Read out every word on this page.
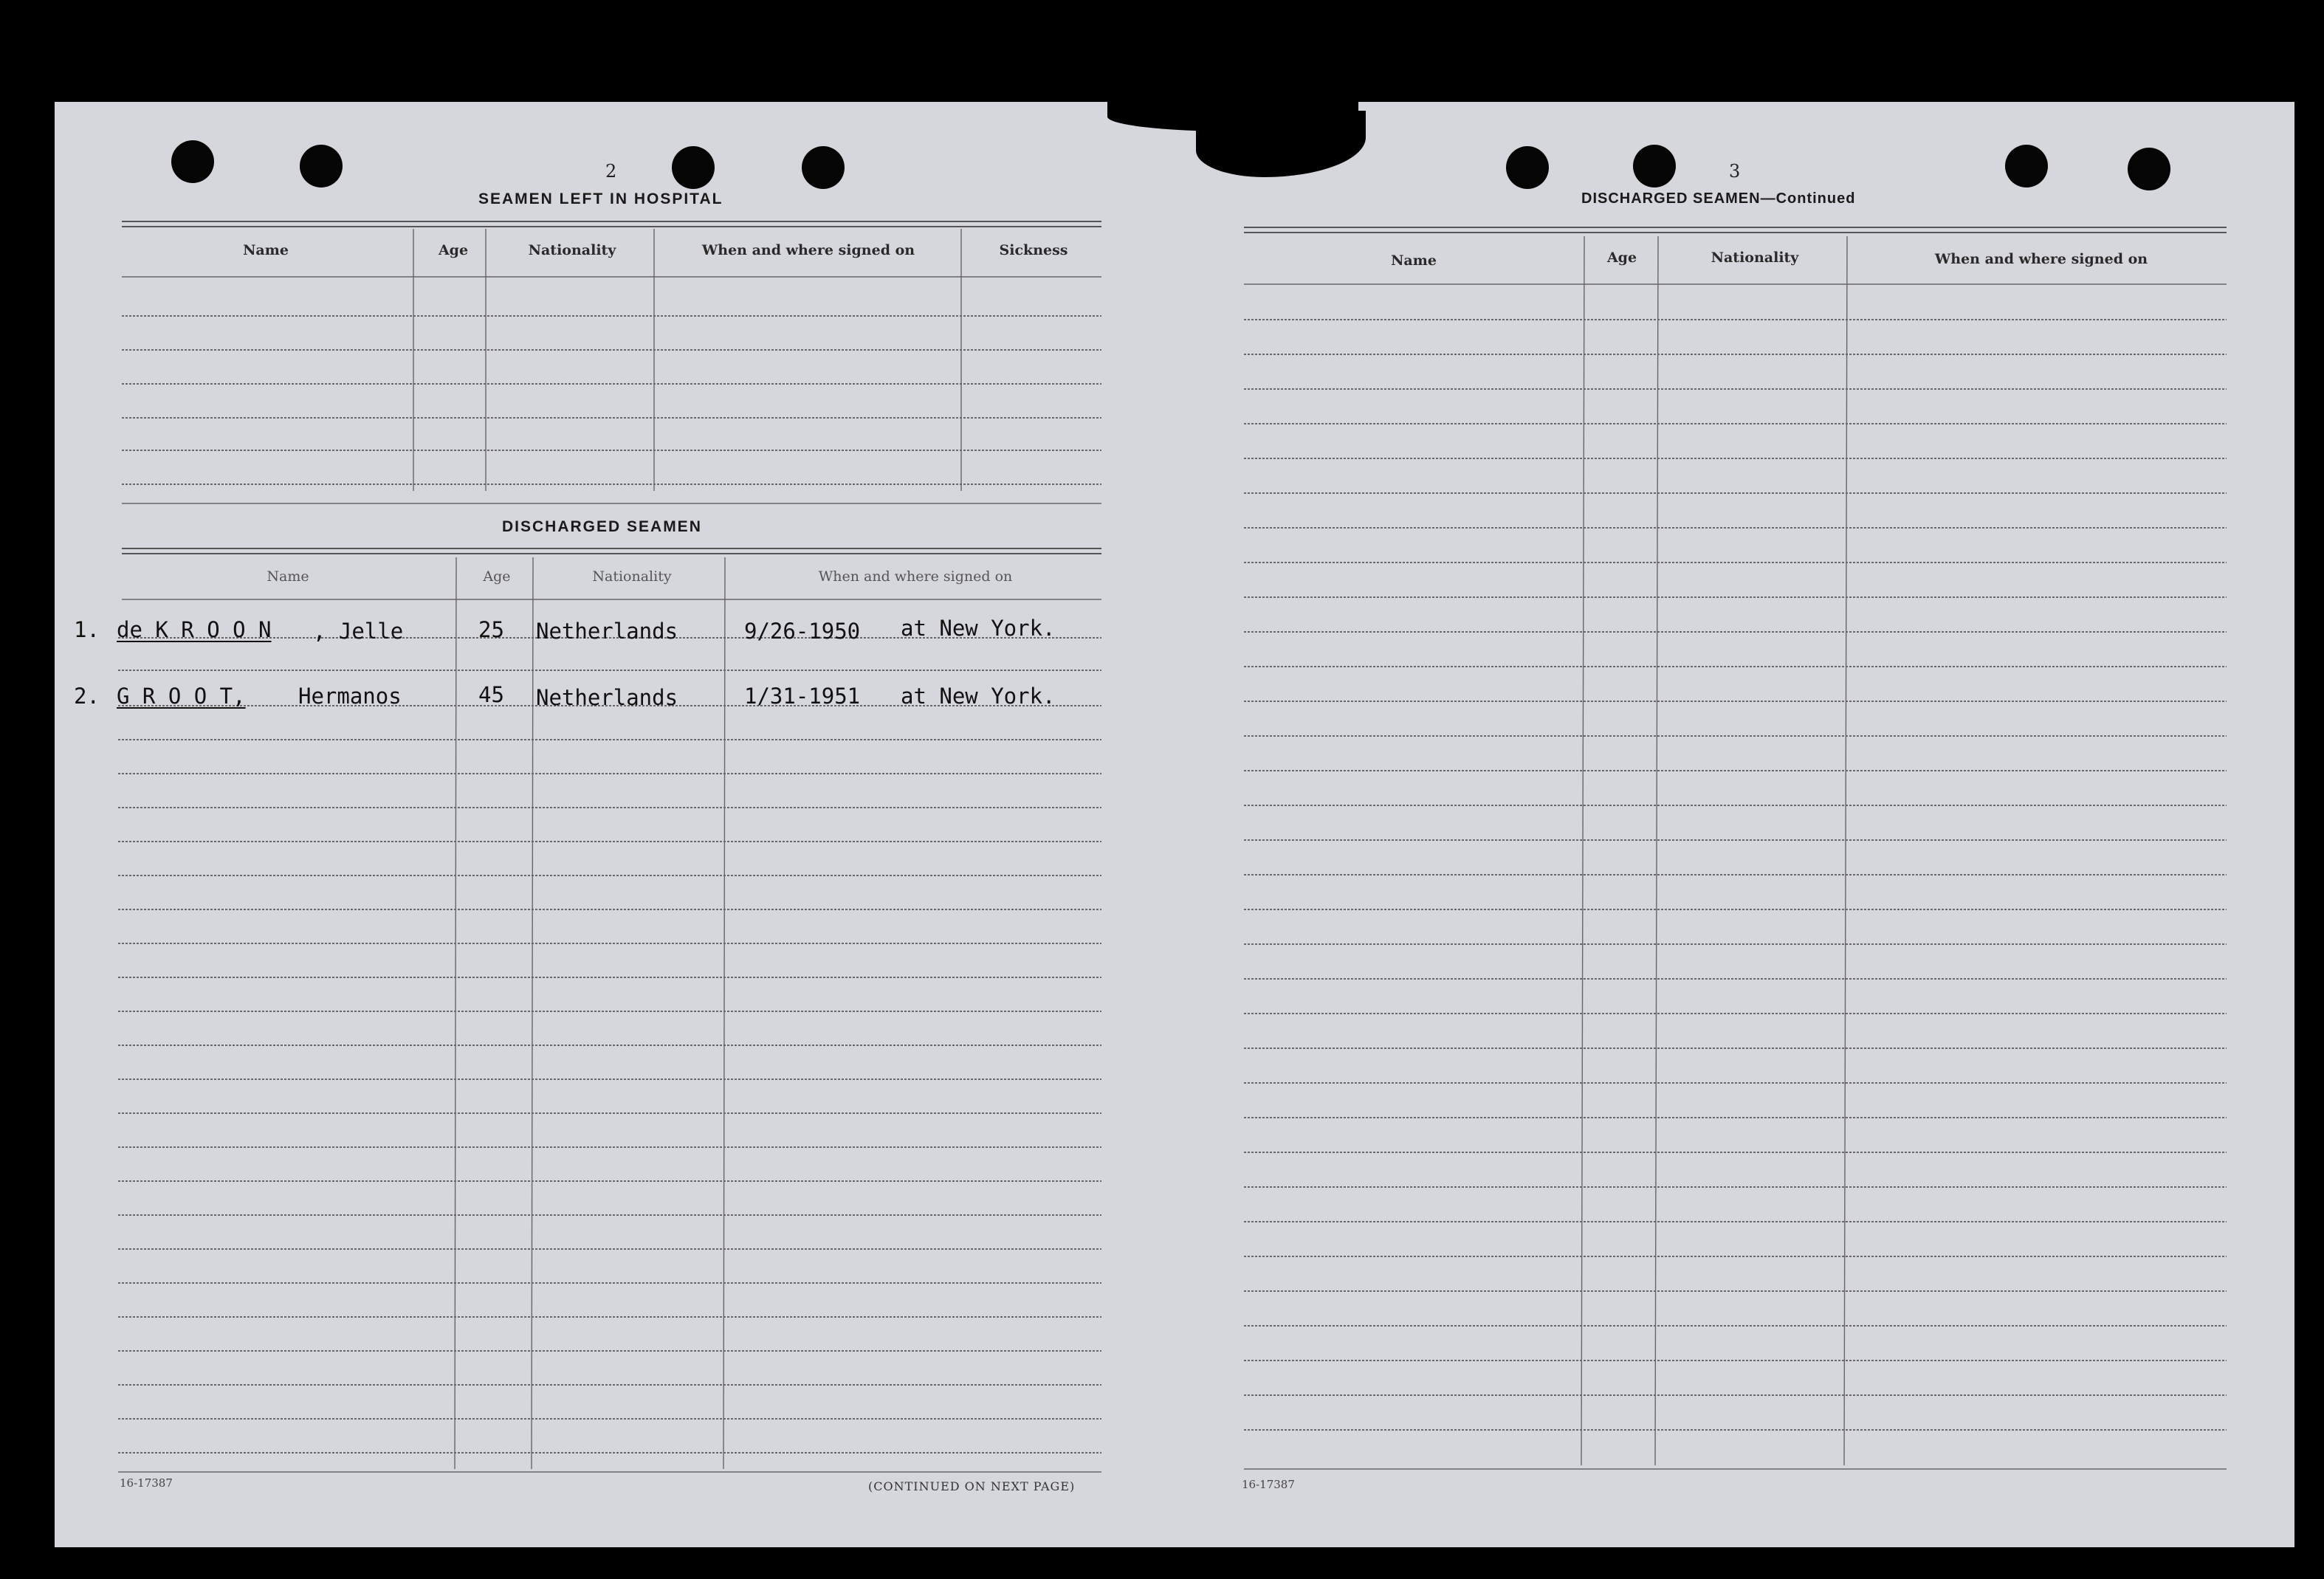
2
SEAMEN LEFT IN HOSPITAL
Name	Age	Nationality	When and where signed on	Sickness
DISCHARGED SEAMEN
Name	Age	Nationality	When and where signed on
1. de K R O O N , Jelle	25 Netherlands	9/26-1950 at New York.
2. G R O O T, Hermanos	45 Netherlands	1/31-1951 at New York.
16-17387	(CONTINUED ON NEXT PAGE)
3
DISCHARGED SEAMEN—Continued
Name	Age	Nationality	When and where signed on
16-17387
